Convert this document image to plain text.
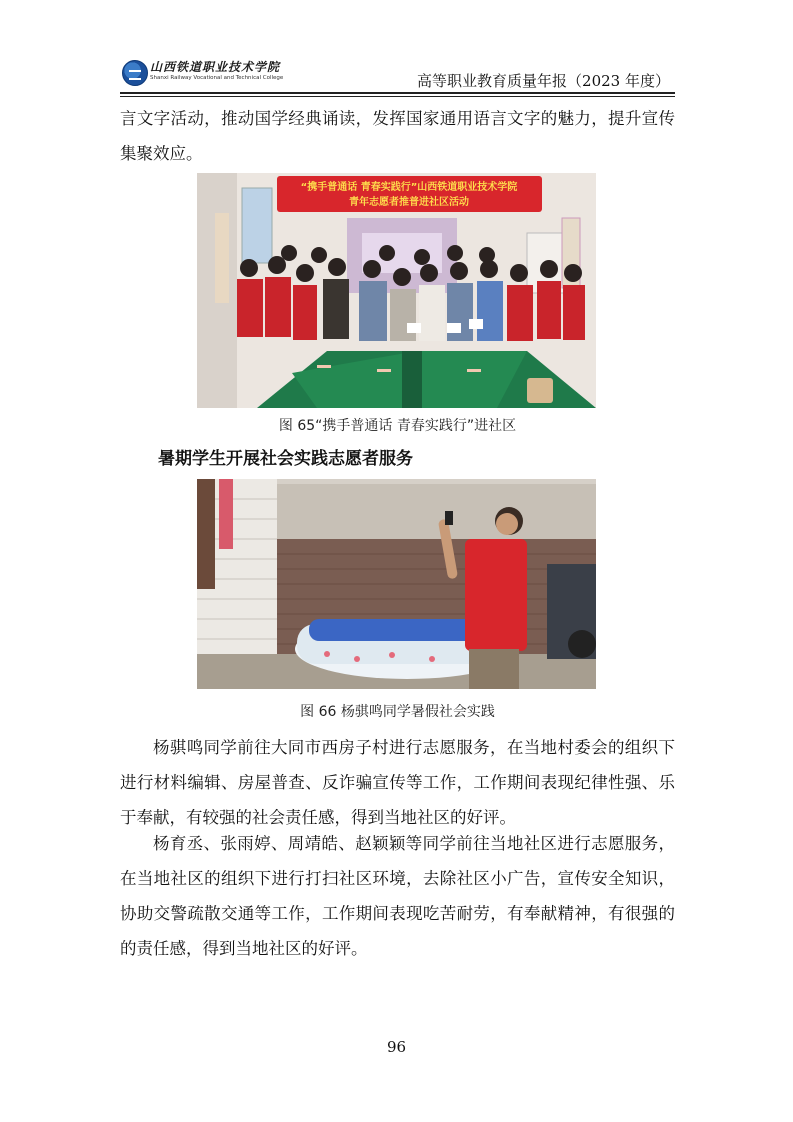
山西铁道职业技术学院
Shanxi Railway Vocational and Technical College	高等职业教育质量年报（2023 年度）

言文字活动，推动国学经典诵读，发挥国家通用语言文字的魅力，提升宣传集聚效应。

“携手普通话 青春实践行”山西铁道职业技术学院
青年志愿者推普进社区活动
图 65“携手普通话 青春实践行”进社区
暑期学生开展社会实践志愿者服务
图 66 杨骐鸣同学暑假社会实践

杨骐鸣同学前往大同市西房子村进行志愿服务，在当地村委会的组织下进行材料编辑、房屋普查、反诈骗宣传等工作，工作期间表现纪律性强、乐于奉献，有较强的社会责任感，得到当地社区的好评。

杨育丞、张雨婷、周靖皓、赵颖颖等同学前往当地社区进行志愿服务，在当地社区的组织下进行打扫社区环境，去除社区小广告，宣传安全知识，协助交警疏散交通等工作，工作期间表现吃苦耐劳，有奉献精神，有很强的的责任感，得到当地社区的好评。

96
